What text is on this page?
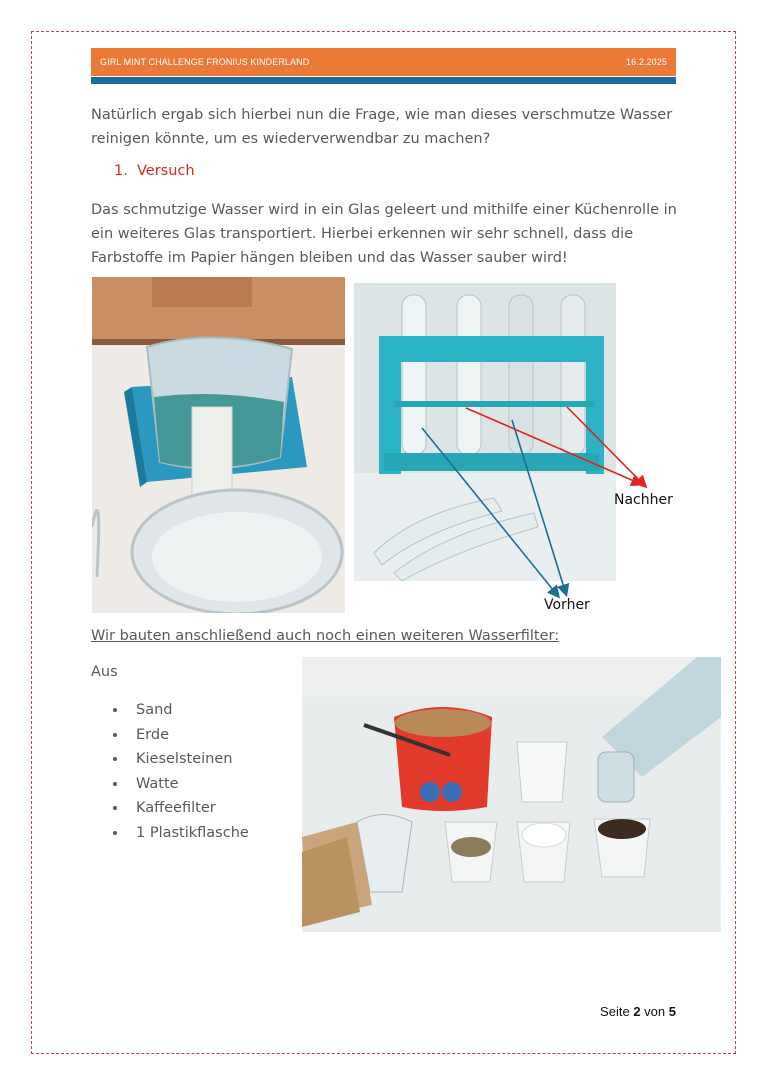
GIRL MINT CHALLENGE FRONIUS KINDERLAND	16.2.2025
Natürlich ergab sich hierbei nun die Frage, wie man dieses verschmutze Wasser reinigen könnte, um es wiederverwendbar zu machen?
1. Versuch
Das schmutzige Wasser wird in ein Glas geleert und mithilfe einer Küchenrolle in ein weiteres Glas transportiert. Hierbei erkennen wir sehr schnell, dass die Farbstoffe im Papier hängen bleiben und das Wasser sauber wird!
Nachher
Vorher
Wir bauten anschließend auch noch einen weiteren Wasserfilter:
Aus
Sand
Erde
Kieselsteinen
Watte
Kaffeefilter
1 Plastikflasche
Seite 2 von 5
